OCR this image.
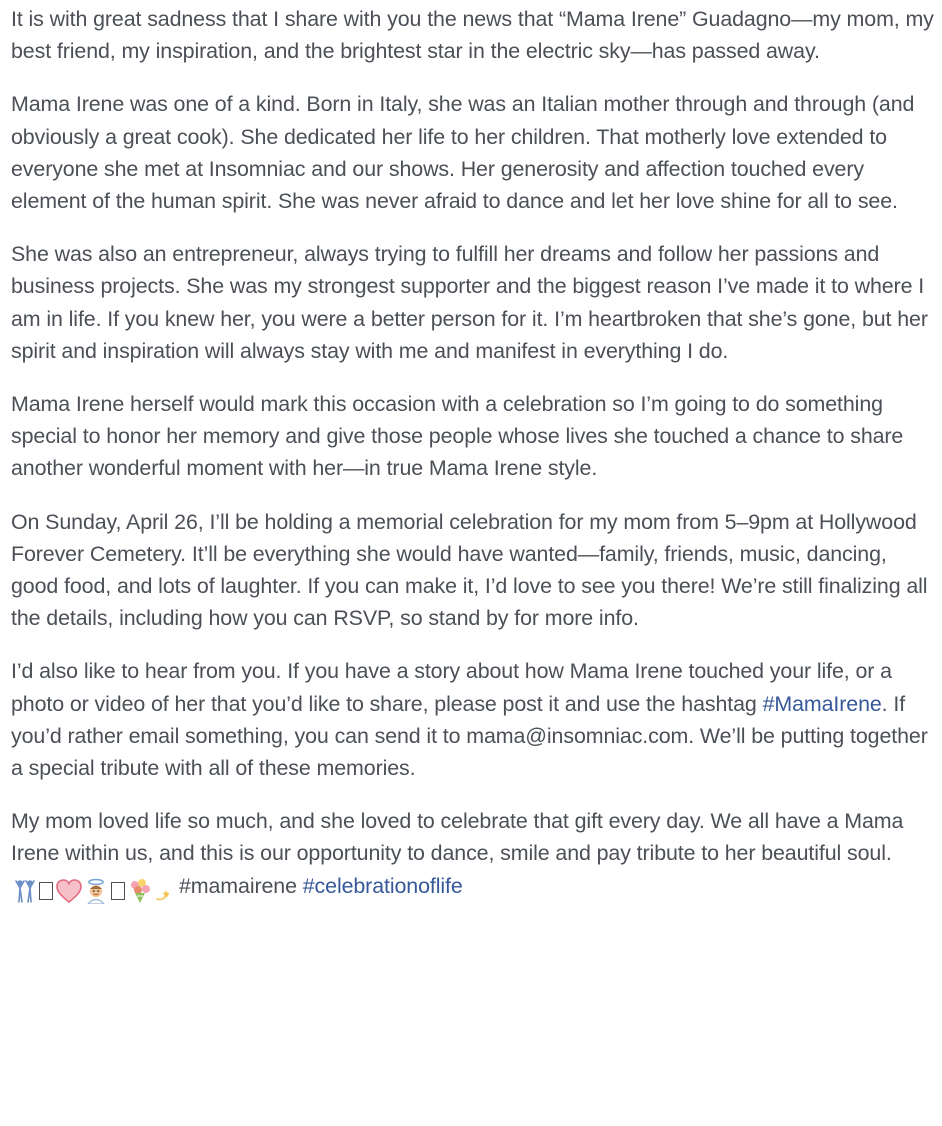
It is with great sadness that I share with you the news that “Mama Irene” Guadagno—my mom, my best friend, my inspiration, and the brightest star in the electric sky—has passed away.

Mama Irene was one of a kind. Born in Italy, she was an Italian mother through and through (and obviously a great cook). She dedicated her life to her children. That motherly love extended to everyone she met at Insomniac and our shows. Her generosity and affection touched every element of the human spirit. She was never afraid to dance and let her love shine for all to see.

She was also an entrepreneur, always trying to fulfill her dreams and follow her passions and business projects. She was my strongest supporter and the biggest reason I’ve made it to where I am in life. If you knew her, you were a better person for it. I’m heartbroken that she’s gone, but her spirit and inspiration will always stay with me and manifest in everything I do.

Mama Irene herself would mark this occasion with a celebration so I’m going to do something special to honor her memory and give those people whose lives she touched a chance to share another wonderful moment with her—in true Mama Irene style.

On Sunday, April 26, I’ll be holding a memorial celebration for my mom from 5–9pm at Hollywood Forever Cemetery. It’ll be everything she would have wanted—family, friends, music, dancing, good food, and lots of laughter. If you can make it, I’d love to see you there! We’re still finalizing all the details, including how you can RSVP, so stand by for more info.

I’d also like to hear from you. If you have a story about how Mama Irene touched your life, or a photo or video of her that you’d like to share, please post it and use the hashtag #MamaIrene. If you’d rather email something, you can send it to mama@insomniac.com. We’ll be putting together a special tribute with all of these memories.

My mom loved life so much, and she loved to celebrate that gift every day. We all have a Mama Irene within us, and this is our opportunity to dance, smile and pay tribute to her beautiful soul.#mamairene #celebrationoflife
